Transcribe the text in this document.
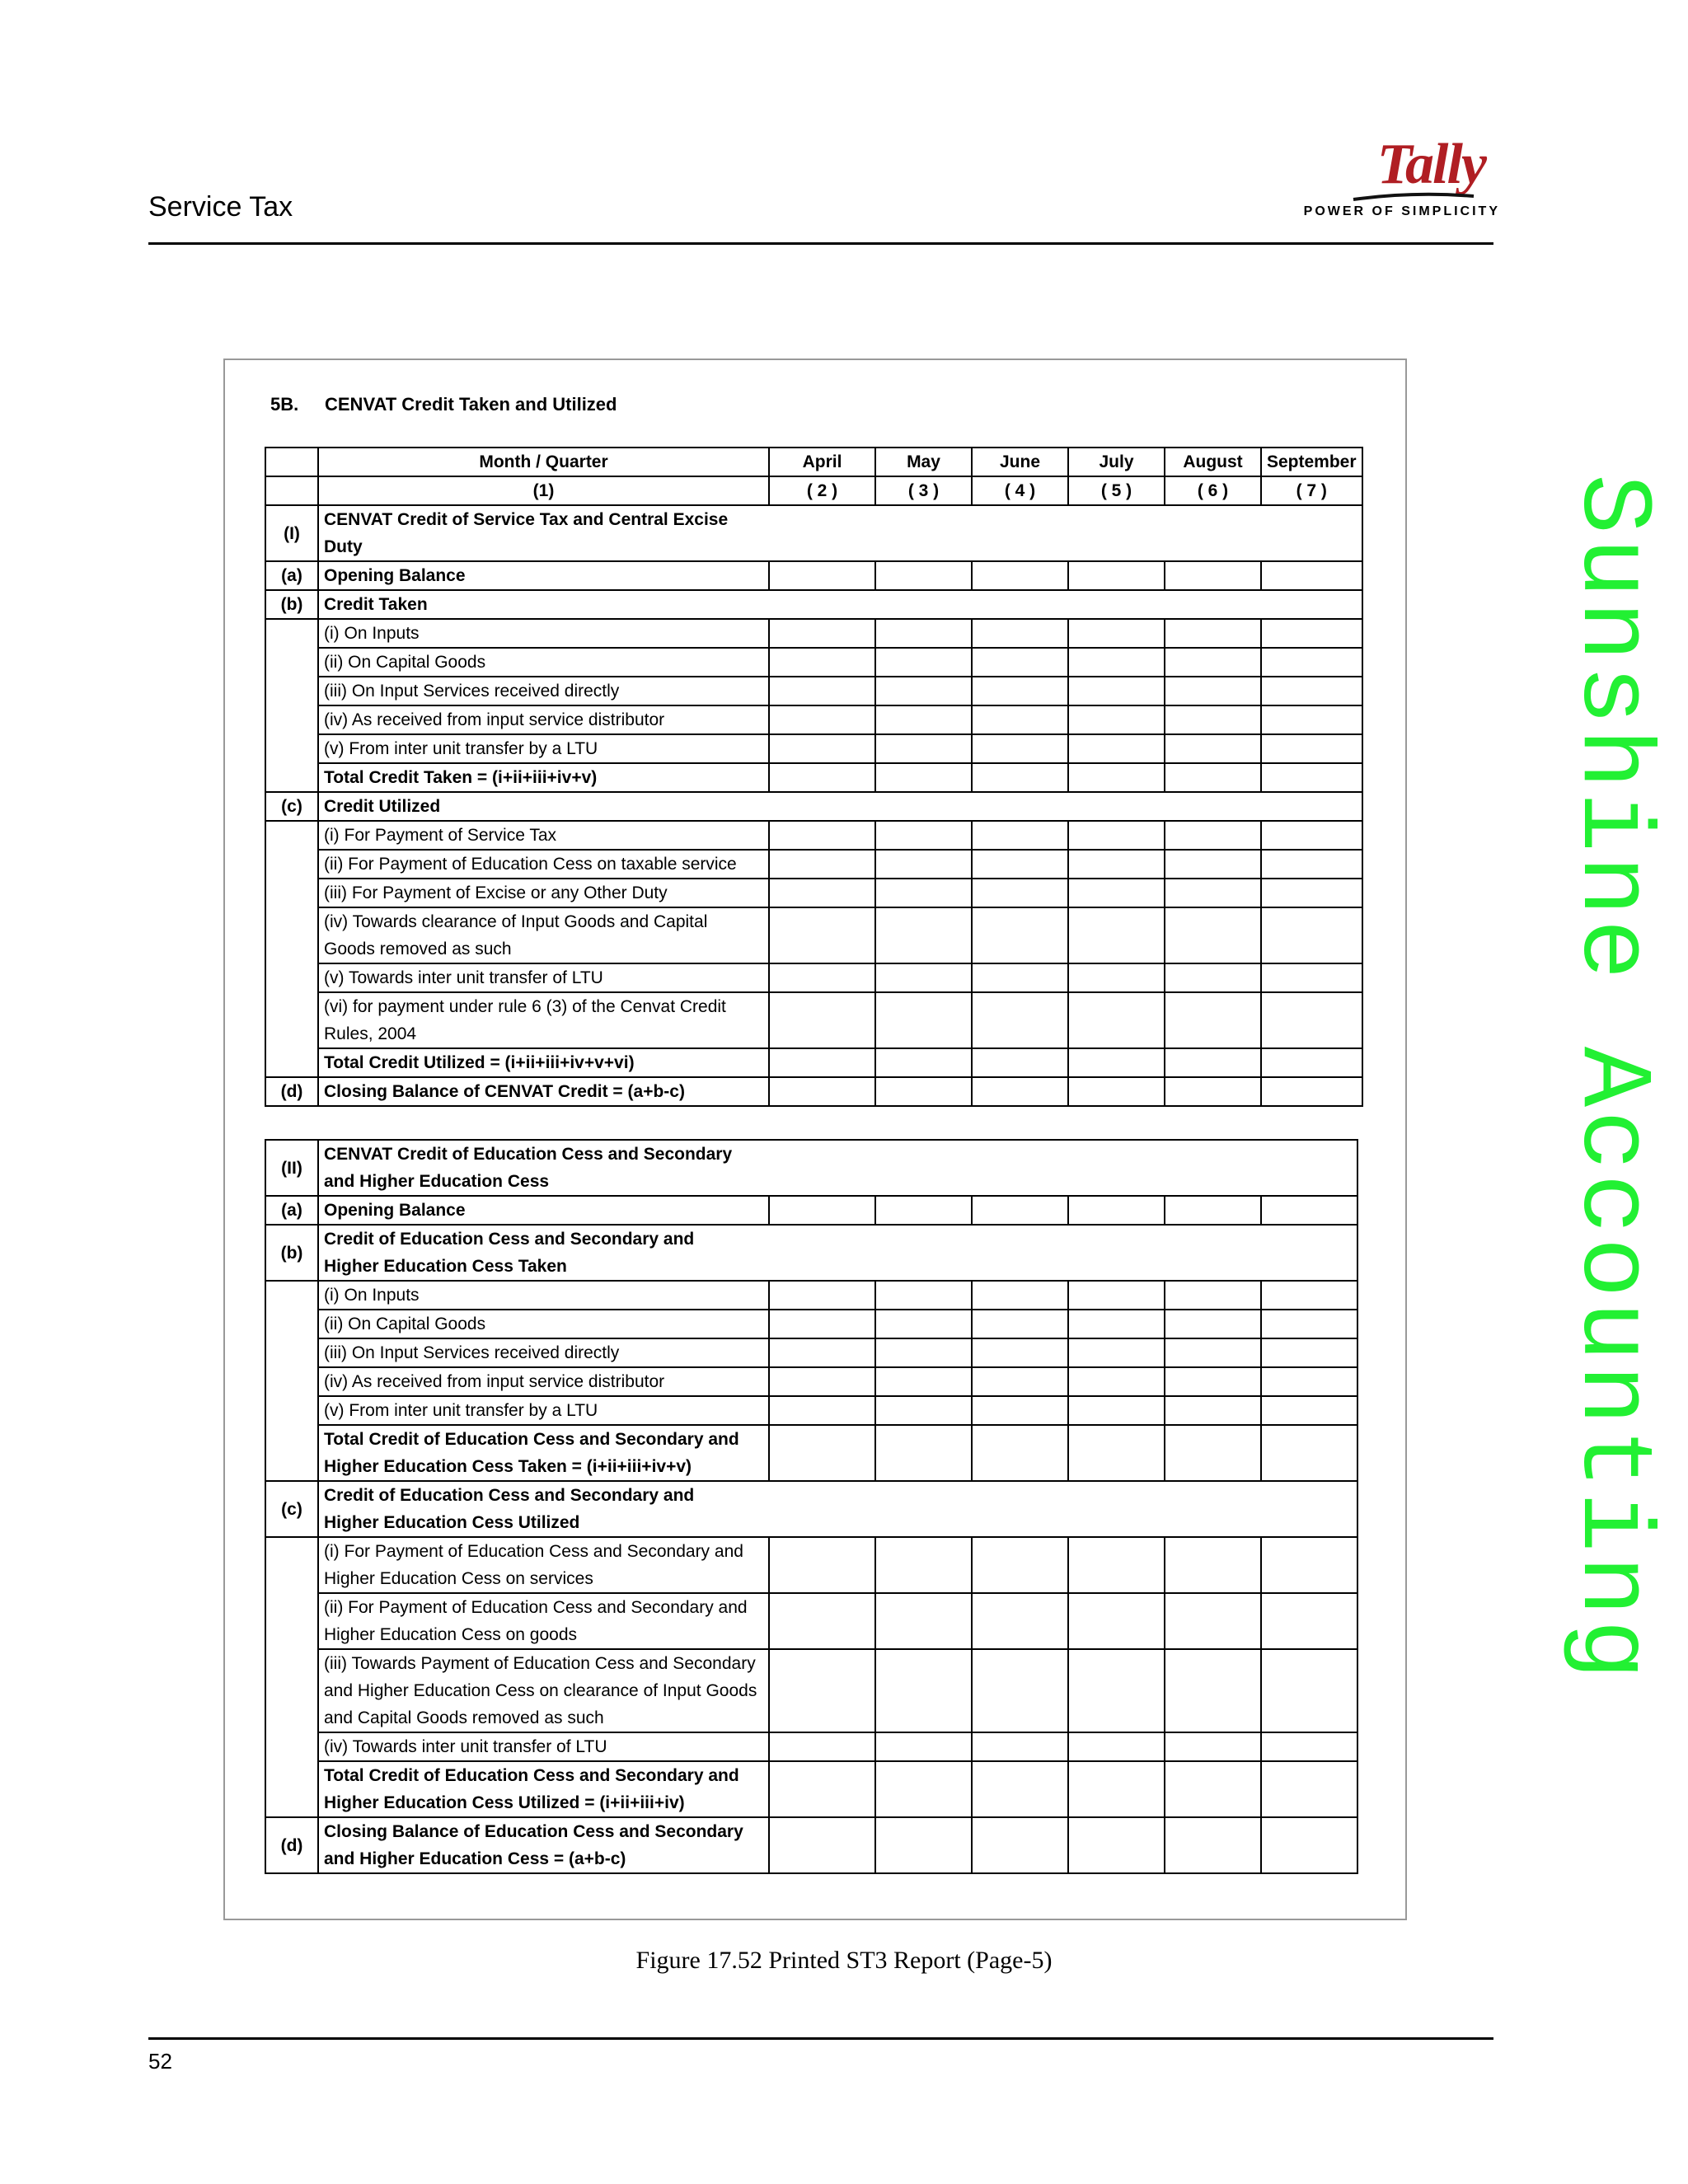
Service Tax
Tally
POWER OF SIMPLICITY
5B. CENVAT Credit Taken and Utilized
	Month / Quarter	April	May	June	July	August	September
	(1)	( 2 )	( 3 )	( 4 )	( 5 )	( 6 )	( 7 )
(I)	CENVAT Credit of Service Tax and Central Excise Duty						

(a)	Opening Balance						
(b)	Credit Taken						
	(i) On Inputs						
	(ii) On Capital Goods						
	(iii) On Input Services received directly						
	(iv) As received from input service distributor						
	(v) From inter unit transfer by a LTU						
	Total Credit Taken = (i+ii+iii+iv+v)						
(c)	Credit Utilized						
	(i) For Payment of Service Tax						
	(ii) For Payment of Education Cess on taxable service						
	(iii) For Payment of Excise or any Other Duty						
	(iv) Towards clearance of Input Goods and Capital Goods removed as such						
	(v) Towards inter unit transfer of LTU						
	(vi) for payment under rule 6 (3) of the Cenvat Credit Rules, 2004						
	Total Credit Utilized = (i+ii+iii+iv+v+vi)						
(d)	Closing Balance of CENVAT Credit = (a+b-c)						
(II)	CENVAT Credit of Education Cess and Secondary and Higher Education Cess						

(a)	Opening Balance						
(b)	Credit of Education Cess and Secondary and Higher Education Cess Taken						

	(i) On Inputs						
	(ii) On Capital Goods						
	(iii) On Input Services received directly						
	(iv) As received from input service distributor						
	(v) From inter unit transfer by a LTU						
	Total Credit of Education Cess and Secondary and Higher Education Cess Taken = (i+ii+iii+iv+v)						
(c)	Credit of Education Cess and Secondary and Higher Education Cess Utilized						

	(i) For Payment of Education Cess and Secondary and Higher Education Cess on services						
	(ii) For Payment of Education Cess and Secondary and Higher Education Cess on goods						
	(iii) Towards Payment of Education Cess and Secondary and Higher Education Cess on clearance of Input Goods and Capital Goods removed as such						
	(iv) Towards inter unit transfer of LTU						
	Total Credit of Education Cess and Secondary and Higher Education Cess Utilized = (i+ii+iii+iv)						
(d)	Closing Balance of Education Cess and Secondary and Higher Education Cess = (a+b-c)						
Figure 17.52 Printed ST3 Report (Page-5)
52
Sunshine Accounting
